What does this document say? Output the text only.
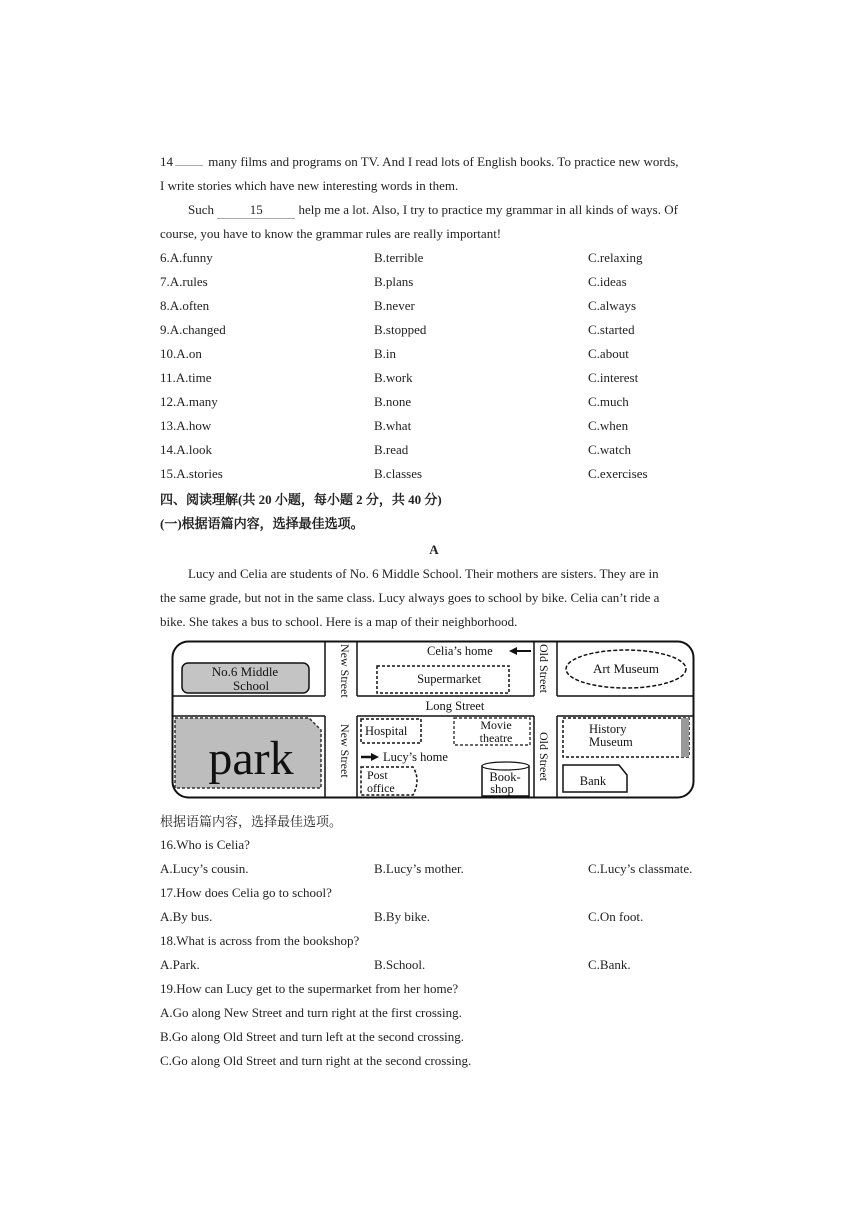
14	many films and programs on TV. And I read lots of English books. To practice new words,
I write stories which have new interesting words in them.
Such	15	help me a lot. Also, I try to practice my grammar in all kinds of ways. Of
course, you have to know the grammar rules are really important!
6.A.funny	B.terrible	C.relaxing
7.A.rules	B.plans	C.ideas
8.A.often	B.never	C.always
9.A.changed	B.stopped	C.started
10.A.on	B.in	C.about
11.A.time	B.work	C.interest
12.A.many	B.none	C.much
13.A.how	B.what	C.when
14.A.look	B.read	C.watch
15.A.stories	B.classes	C.exercises
四、阅读理解(共 20 小题，每小题 2 分，共 40 分)
(一)根据语篇内容，选择最佳选项。
A
Lucy and Celia are students of No. 6 Middle School. Their mothers are sisters. They are in
the same grade, but not in the same class. Lucy always goes to school by bike. Celia can’t ride a
bike. She takes a bus to school. Here is a map of their neighborhood.
No.6 Middle
School
park
New Street
New Street
Old Street
Old Street
Celia’s home
Supermarket
Art Museum
Long Street
Hospital	Movie
theatre
Lucy’s home
Post
office
Book-
shop
History
Museum
Bank
根据语篇内容，选择最佳选项。
16.Who is Celia?
A.Lucy’s cousin.	B.Lucy’s mother.	C.Lucy’s classmate.
17.How does Celia go to school?
A.By bus.	B.By bike.	C.On foot.
18.What is across from the bookshop?
A.Park.	B.School.	C.Bank.
19.How can Lucy get to the supermarket from her home?
A.Go along New Street and turn right at the first crossing.
B.Go along Old Street and turn left at the second crossing.
C.Go along Old Street and turn right at the second crossing.
